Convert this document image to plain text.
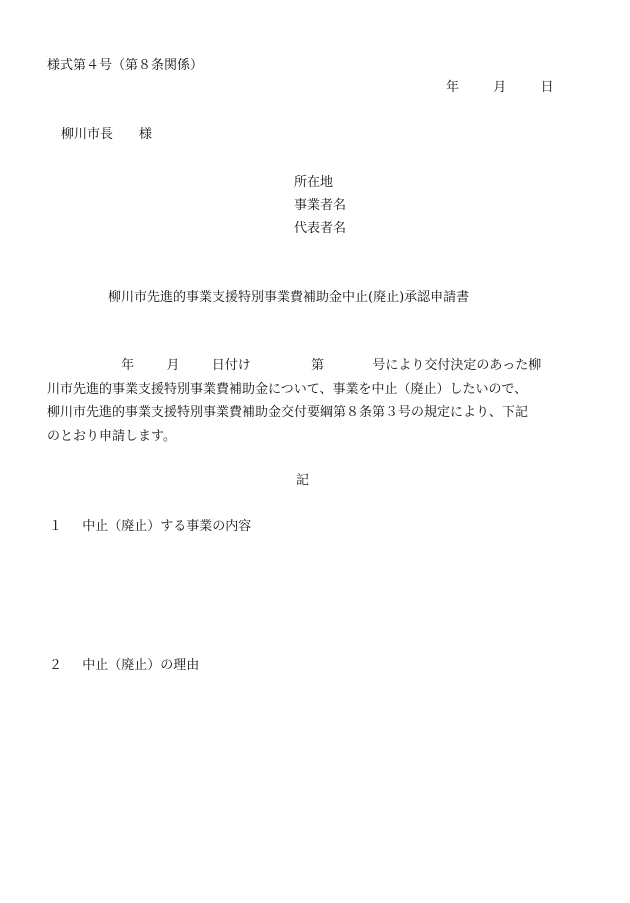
様式第４号（第８条関係）
年	月	日
柳川市長　　様
所在地
事業者名
代表者名
柳川市先進的事業支援特別事業費補助金中止(廃止)承認申請書
年 月 日付け	第	号により交付決定のあった柳
川市先進的事業支援特別事業費補助金について、事業を中止（廃止）したいので、
柳川市先進的事業支援特別事業費補助金交付要綱第８条第３号の規定により、下記
のとおり申請します。
記
１ 中止（廃止）する事業の内容
２ 中止（廃止）の理由
